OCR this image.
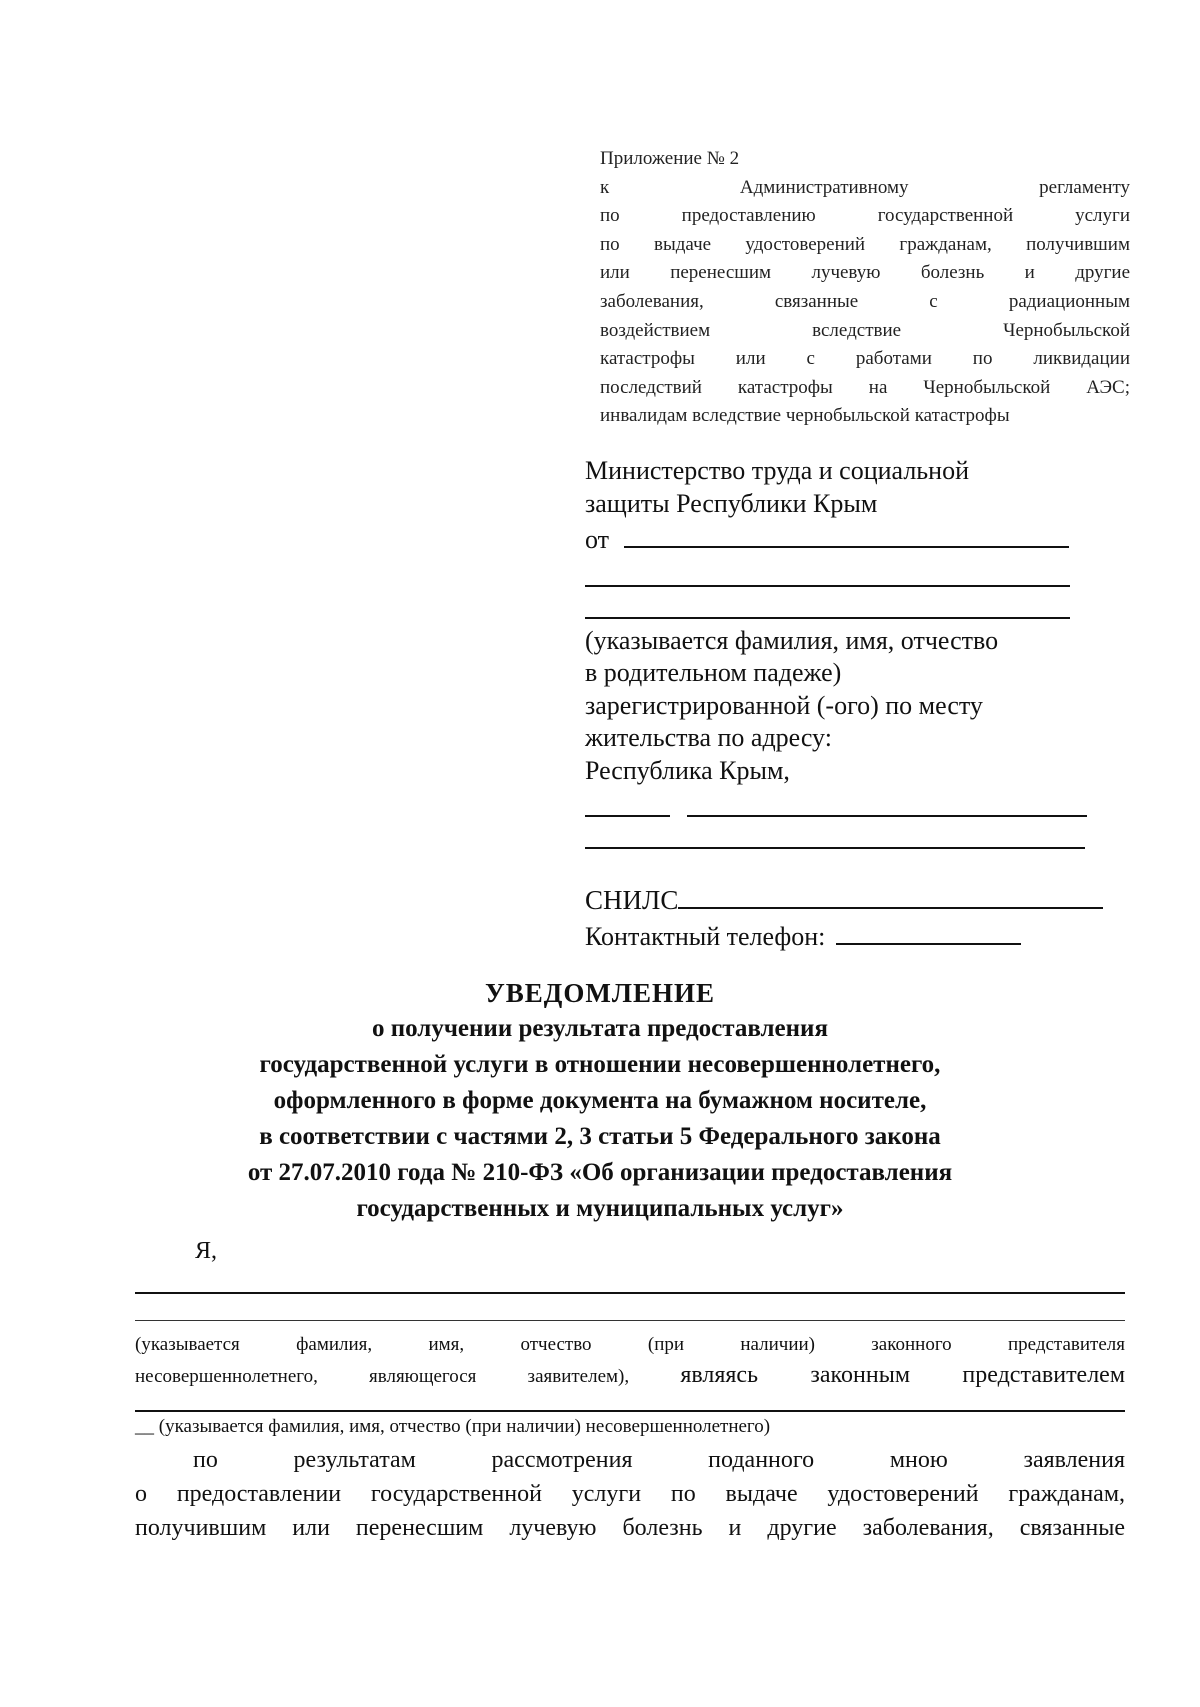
Приложение № 2
к Административному регламенту
по предоставлению государственной услуги
по выдаче удостоверений гражданам, получившим
или перенесшим лучевую болезнь и другие
заболевания, связанные с радиационным
воздействием вследствие Чернобыльской
катастрофы или с работами по ликвидации
последствий катастрофы на Чернобыльской АЭС;
инвалидам вследствие чернобыльской катастрофы
Министерство труда и социальной
защиты Республики Крым
от
(указывается фамилия, имя, отчество
в родительном падеже)
зарегистрированной (-ого) по месту
жительства по адресу:
Республика Крым,

СНИЛС
Контактный телефон:
УВЕДОМЛЕНИЕ
о получении результата предоставления
государственной услуги в отношении несовершеннолетнего,
оформленного в форме документа на бумажном носителе,
в соответствии с частями 2, 3 статьи 5 Федерального закона
от 27.07.2010 года № 210-ФЗ «Об организации предоставления
государственных и муниципальных услуг»
Я,
(указывается фамилия, имя, отчество (при наличии) законного представителя
несовершеннолетнего, являющегося заявителем), являясь законным представителем
__ (указывается фамилия, имя, отчество (при наличии) несовершеннолетнего)
по результатам рассмотрения поданного мною заявления
о предоставлении государственной услуги по выдаче удостоверений гражданам,
получившим или перенесшим лучевую болезнь и другие заболевания, связанные
